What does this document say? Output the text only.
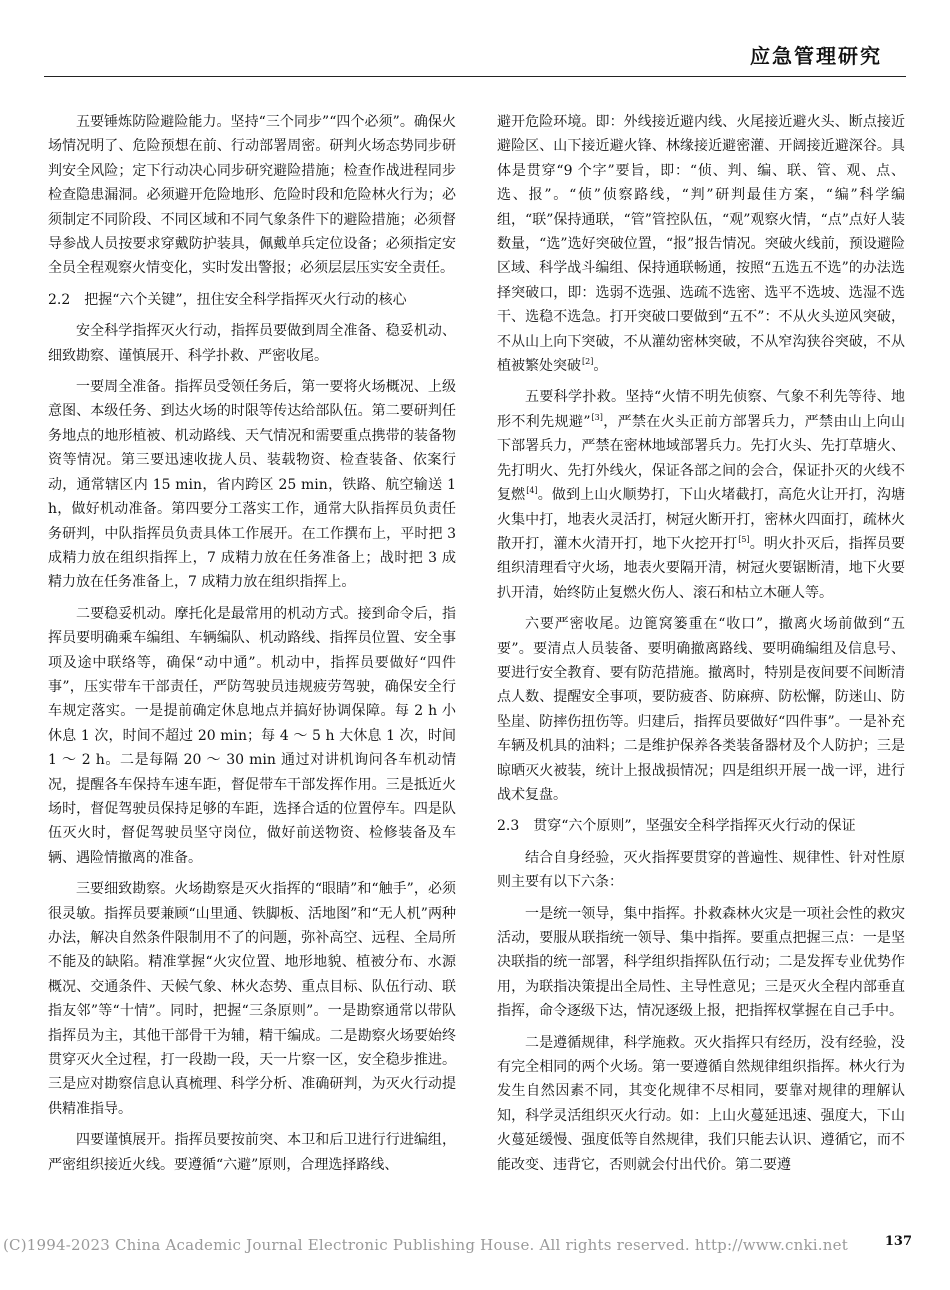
应急管理研究

五要锤炼防险避险能力。坚持“三个同步”“四个必须”。确保火场情况明了、危险预想在前、行动部署周密。研判火场态势同步研判安全风险；定下行动决心同步研究避险措施；检查作战进程同步检查隐患漏洞。必须避开危险地形、危险时段和危险林火行为；必须制定不同阶段、不同区域和不同气象条件下的避险措施；必须督导参战人员按要求穿戴防护装具，佩戴单兵定位设备；必须指定安全员全程观察火情变化，实时发出警报；必须层层压实安全责任。

2.2　把握“六个关键”，扭住安全科学指挥灭火行动的核心

安全科学指挥灭火行动，指挥员要做到周全准备、稳妥机动、细致勘察、谨慎展开、科学扑救、严密收尾。

一要周全准备。指挥员受领任务后，第一要将火场概况、上级意图、本级任务、到达火场的时限等传达给部队伍。第二要研判任务地点的地形植被、机动路线、天气情况和需要重点携带的装备物资等情况。第三要迅速收拢人员、装载物资、检查装备、依案行动，通常辖区内 15 min，省内跨区 25 min，铁路、航空输送 1 h，做好机动准备。第四要分工落实工作，通常大队指挥员负责任务研判，中队指挥员负责具体工作展开。在工作撰布上，平时把 3 成精力放在组织指挥上，7 成精力放在任务准备上；战时把 3 成精力放在任务准备上，7 成精力放在组织指挥上。

二要稳妥机动。摩托化是最常用的机动方式。接到命令后，指挥员要明确乘车编组、车辆编队、机动路线、指挥员位置、安全事项及途中联络等，确保“动中通”。机动中，指挥员要做好“四件事”，压实带车干部责任，严防驾驶员违规疲劳驾驶，确保安全行车规定落实。一是提前确定休息地点并搞好协调保障。每 2 h 小休息 1 次，时间不超过 20 min；每 4 ～ 5 h 大休息 1 次，时间 1 ～ 2 h。二是每隔 20 ～ 30 min 通过对讲机询问各车机动情况，提醒各车保持车速车距，督促带车干部发挥作用。三是抵近火场时，督促驾驶员保持足够的车距，选择合适的位置停车。四是队伍灭火时，督促驾驶员坚守岗位，做好前送物资、检修装备及车辆、遇险情撤离的准备。

三要细致勘察。火场勘察是灭火指挥的“眼睛”和“触手”，必须很灵敏。指挥员要兼顾“山里通、铁脚板、活地图”和“无人机”两种办法，解决自然条件限制用不了的问题，弥补高空、远程、全局所不能及的缺陷。精准掌握“火灾位置、地形地貌、植被分布、水源概况、交通条件、天候气象、林火态势、重点目标、队伍行动、联指友邻”等“十情”。同时，把握“三条原则”。一是勘察通常以带队指挥员为主，其他干部骨干为辅，精干编成。二是勘察火场要始终贯穿灭火全过程，打一段勘一段，天一片察一区，安全稳步推进。三是应对勘察信息认真梳理、科学分析、准确研判，为灭火行动提供精准指导。

四要谨慎展开。指挥员要按前突、本卫和后卫进行行进编组，严密组织接近火线。要遵循“六避”原则，合理选择路线、

避开危险环境。即：外线接近避内线、火尾接近避火头、断点接近避险区、山下接近避火锋、林缘接近避密灌、开阔接近避深谷。具体是贯穿“9 个字”要旨，即：“侦、判、编、联、管、观、点、选、报”。“侦”侦察路线，“判”研判最佳方案，“编”科学编组，“联”保持通联，“管”管控队伍，“观”观察火情，“点”点好人装数量，“选”选好突破位置，“报”报告情况。突破火线前，预设避险区域、科学战斗编组、保持通联畅通，按照“五选五不选”的办法选择突破口，即：选弱不选强、选疏不选密、选平不选坡、选湿不选干、选稳不选急。打开突破口要做到“五不”：不从火头逆风突破，不从山上向下突破，不从灌幼密林突破，不从窄沟狭谷突破，不从植被繁处突破[2]。

五要科学扑救。坚持“火情不明先侦察、气象不利先等待、地形不利先规避”[3]，严禁在火头正前方部署兵力，严禁由山上向山下部署兵力，严禁在密林地域部署兵力。先打火头、先打草塘火、先打明火、先打外线火，保证各部之间的会合，保证扑灭的火线不复燃[4]。做到上山火顺势打，下山火堵截打，高危火让开打，沟塘火集中打，地表火灵活打，树冠火断开打，密林火四面打，疏林火散开打，灌木火清开打，地下火挖开打[5]。明火扑灭后，指挥员要组织清理看守火场，地表火要隔开清，树冠火要锯断清，地下火要扒开清，始终防止复燃火伤人、滚石和枯立木砸人等。

六要严密收尾。边篦窝篓重在“收口”，撤离火场前做到“五要”。要清点人员装备、要明确撤离路线、要明确编组及信息号、要进行安全教育、要有防范措施。撤离时，特别是夜间要不间断清点人数、提醒安全事项，要防疲沓、防麻痹、防松懈，防迷山、防坠崖、防摔伤扭伤等。归建后，指挥员要做好“四件事”。一是补充车辆及机具的油料；二是维护保养各类装备器材及个人防护；三是晾晒灭火被装，统计上报战损情况；四是组织开展一战一评，进行战术复盘。

2.3　贯穿“六个原则”，坚强安全科学指挥灭火行动的保证

结合自身经验，灭火指挥要贯穿的普遍性、规律性、针对性原则主要有以下六条：

一是统一领导，集中指挥。扑救森林火灾是一项社会性的救灾活动，要服从联指统一领导、集中指挥。要重点把握三点：一是坚决联指的统一部署，科学组织指挥队伍行动；二是发挥专业优势作用，为联指决策提出全局性、主导性意见；三是灭火全程内部垂直指挥，命令逐级下达，情况逐级上报，把指挥权掌握在自己手中。

二是遵循规律，科学施救。灭火指挥只有经历，没有经验，没有完全相同的两个火场。第一要遵循自然规律组织指挥。林火行为发生自然因素不同，其变化规律不尽相同，要靠对规律的理解认知，科学灵活组织灭火行动。如：上山火蔓延迅速、强度大，下山火蔓延缓慢、强度低等自然规律，我们只能去认识、遵循它，而不能改变、违背它，否则就会付出代价。第二要遵

(C)1994-2023 China Academic Journal Electronic Publishing House. All rights reserved. http://www.cnki.net	137
